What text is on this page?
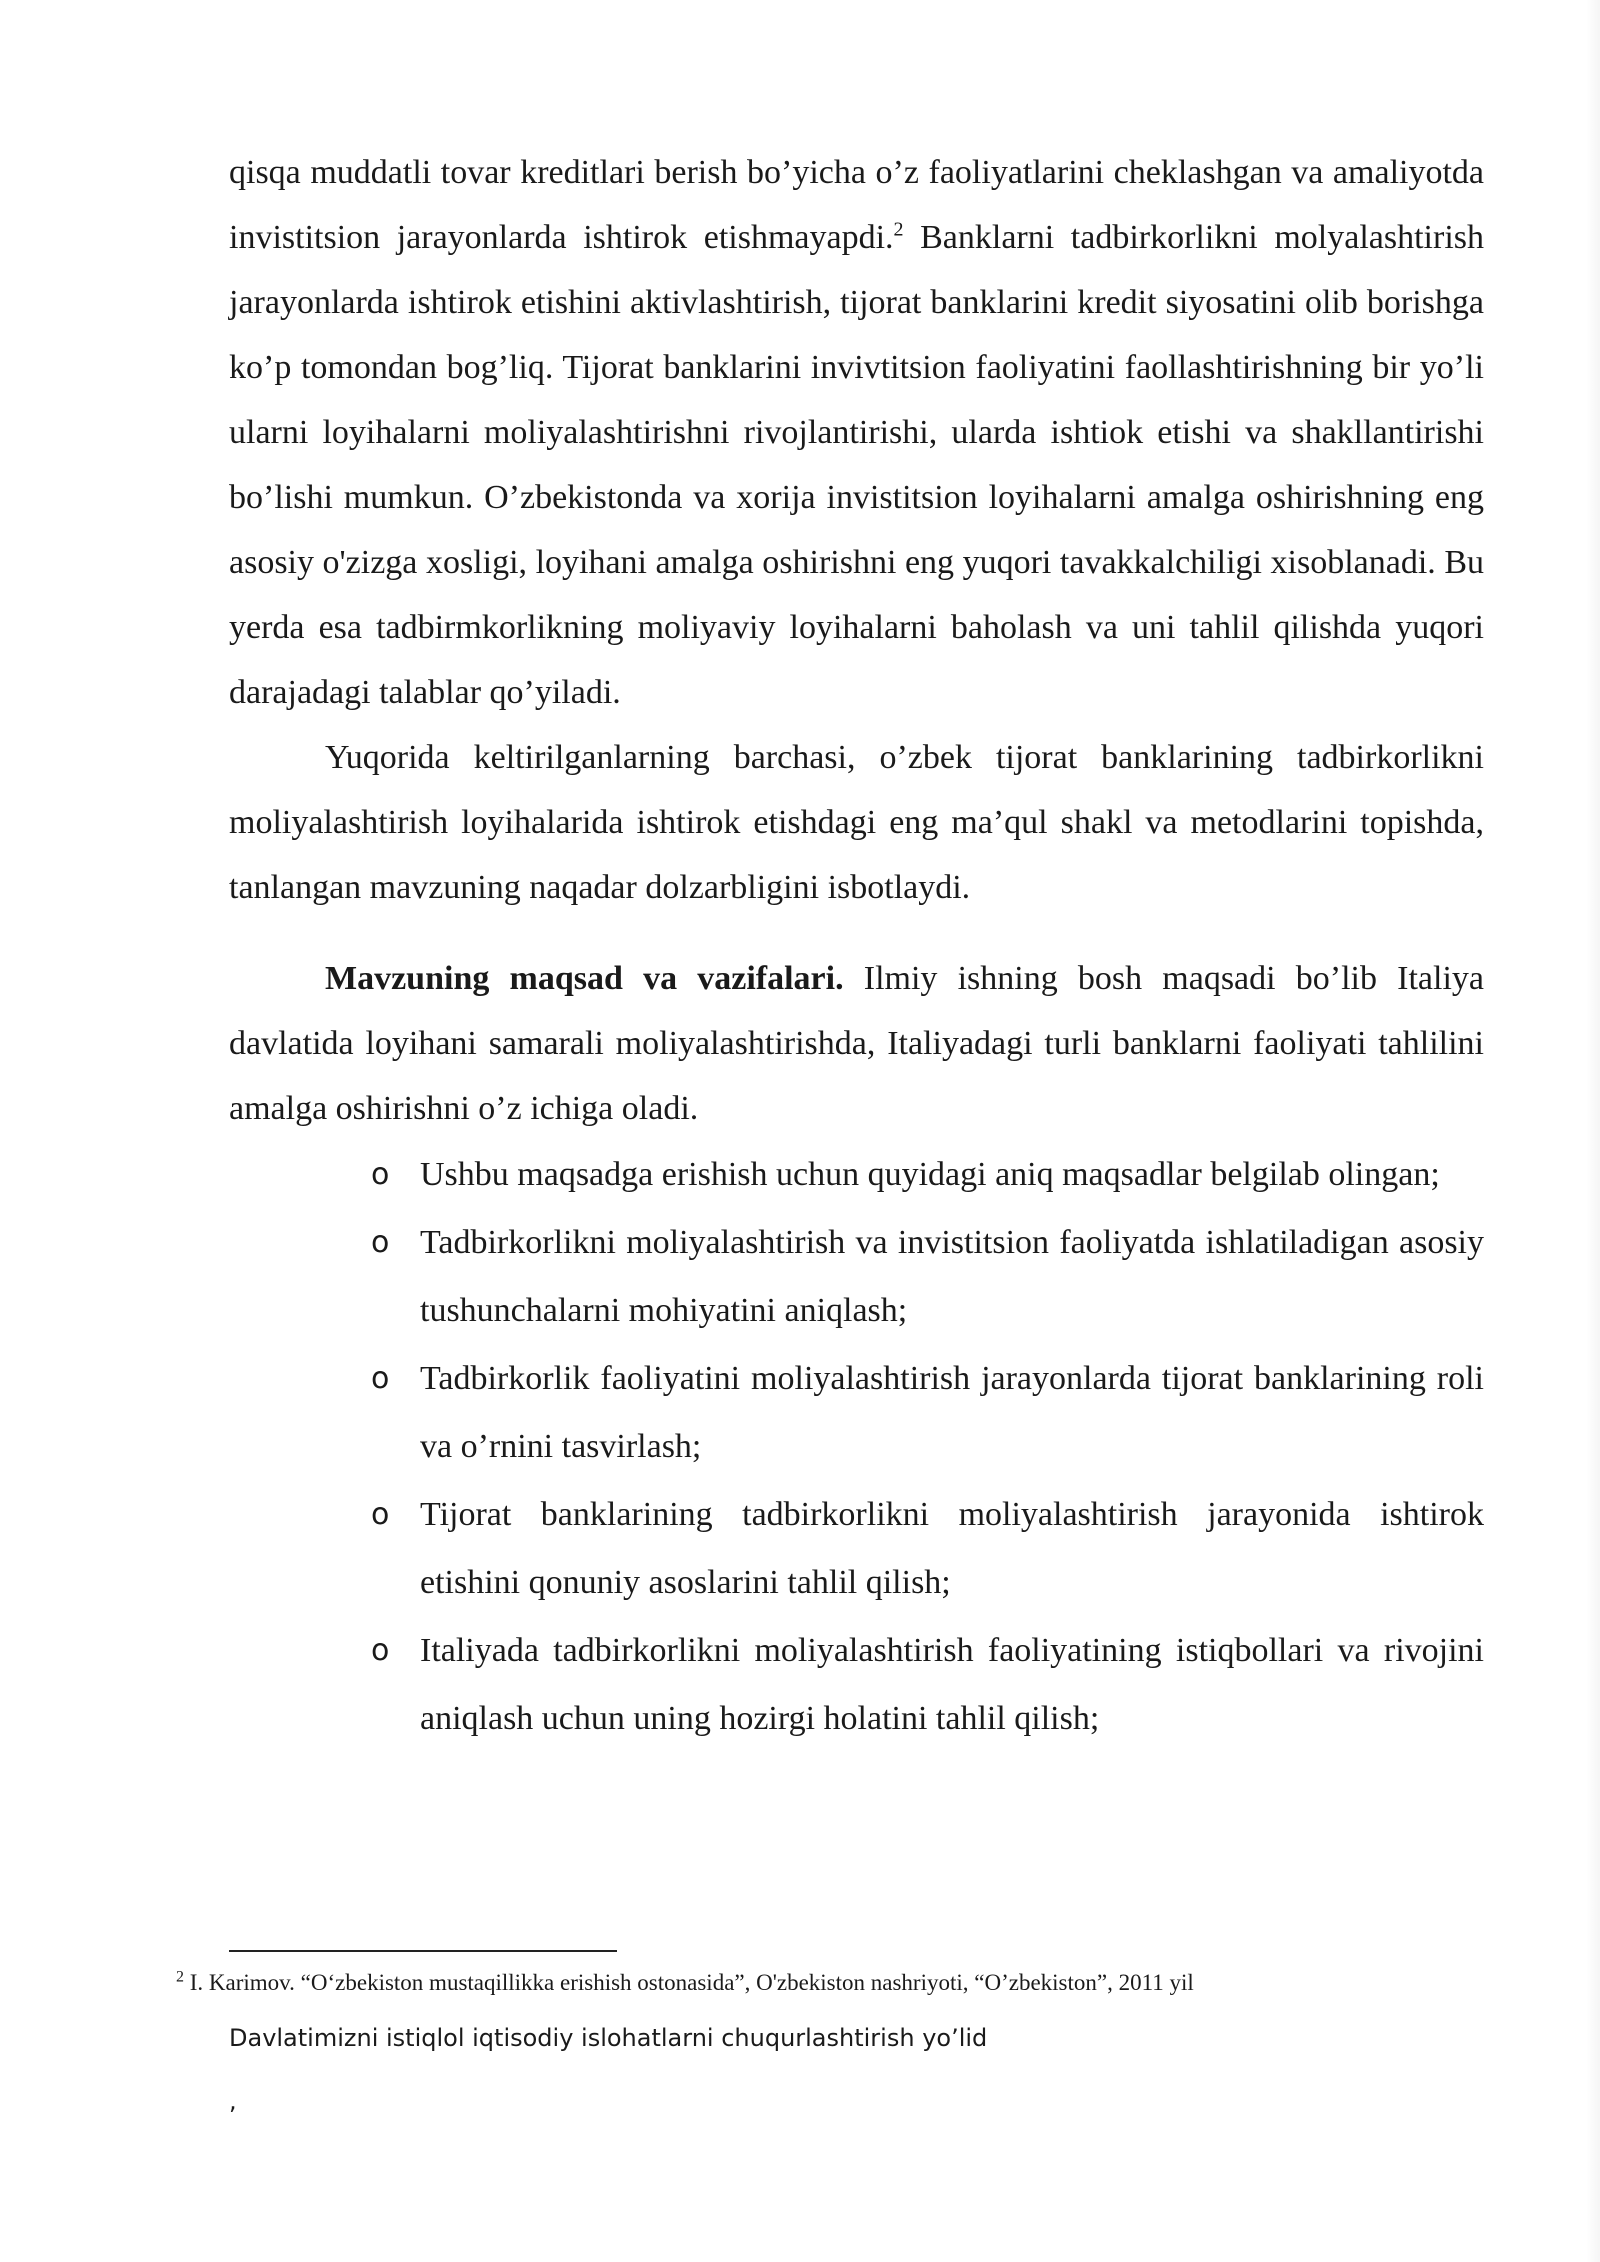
qisqa muddatli tovar kreditlari berish bo’yicha o’z faoliyatlarini cheklashgan va amaliyotda invistitsion jarayonlarda ishtirok etishmayapdi.$^2$ Banklarni tadbirkorlikni molyalashtirish jarayonlarda ishtirok etishini aktivlashtirish, tijorat banklarini kredit siyosatini olib borishga ko’p tomondan bog’liq. Tijorat banklarini invivtitsion faoliyatini faollashtirishning bir yo’li ularni loyihalarni moliyalashtirishni rivojlantirishi, ularda ishtiok etishi va shakllantirishi bo’lishi mumkun. O’zbekistonda va xorija invistitsion loyihalarni amalga oshirishning eng asosiy o'zizga xosligi, loyihani amalga oshirishni eng yuqori tavakkalchiligi xisoblanadi. Bu yerda esa tadbirmkorlikning moliyaviy loyihalarni baholash va uni tahlil qilishda yuqori darajadagi talablar qo’yiladi.

Yuqorida keltirilganlarning barchasi, o’zbek tijorat banklarining tadbirkorlikni moliyalashtirish loyihalarida ishtirok etishdagi eng ma’qul shakl va metodlarini topishda, tanlangan mavzuning naqadar dolzarbligini isbotlaydi.

Mavzuning maqsad va vazifalari. Ilmiy ishning bosh maqsadi bo’lib Italiya davlatida loyihani samarali moliyalashtirishda, Italiyadagi turli banklarni faoliyati tahlilini amalga oshirishni o’z ichiga oladi.

o Ushbu maqsadga erishish uchun quyidagi aniq maqsadlar belgilab olingan;
o Tadbirkorlikni moliyalashtirish va invistitsion faoliyatda ishlatiladigan asosiy tushunchalarni mohiyatini aniqlash;
o Tadbirkorlik faoliyatini moliyalashtirish jarayonlarda tijorat banklarining roli va o’rnini tasvirlash;
o Tijorat banklarining tadbirkorlikni moliyalashtirish jarayonida ishtirok etishini qonuniy asoslarini tahlil qilish;
o Italiyada tadbirkorlikni moliyalashtirish faoliyatining istiqbollari va rivojini aniqlash uchun uning hozirgi holatini tahlil qilish;
$^2$ I. Karimov. “O‘zbekiston mustaqillikka erishish ostonasida”, O'zbekiston nashriyoti, “O’zbekiston”, 2011 yil
Davlatimizni istiqlol iqtisodiy islohatlarni chuqurlashtirish yo’lid
,
